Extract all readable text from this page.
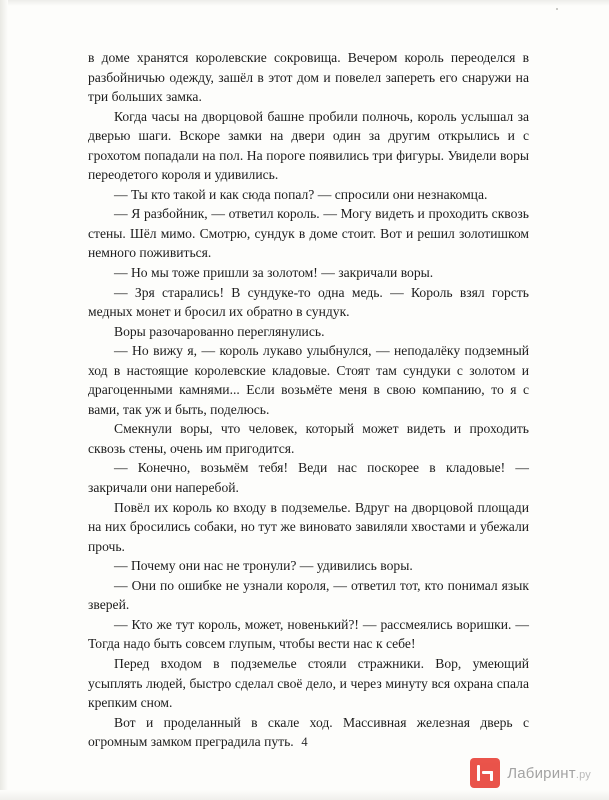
в доме хранятся королевские сокровища. Вечером король переоделся в разбойничью одежду, зашёл в этот дом и повелел запереть его снаружи на три больших замка.

Когда часы на дворцовой башне пробили полночь, король услышал за дверью шаги. Вскоре замки на двери один за другим открылись и с грохотом попадали на пол. На пороге появились три фигуры. Увидели воры переодетого короля и удивились.

— Ты кто такой и как сюда попал? — спросили они незнакомца.

— Я разбойник, — ответил король. — Могу видеть и проходить сквозь стены. Шёл мимо. Смотрю, сундук в доме стоит. Вот и решил золотишком немного поживиться.

— Но мы тоже пришли за золотом! — закричали воры.

— Зря старались! В сундуке-то одна медь. — Король взял горсть медных монет и бросил их обратно в сундук.

Воры разочарованно переглянулись.

— Но вижу я, — король лукаво улыбнулся, — неподалёку подземный ход в настоящие королевские кладовые. Стоят там сундуки с золотом и драгоценными камнями... Если возьмёте меня в свою компанию, то я с вами, так уж и быть, поделюсь.

Смекнули воры, что человек, который может видеть и проходить сквозь стены, очень им пригодится.

— Конечно, возьмём тебя! Веди нас поскорее в кладовые! — закричали они наперебой.

Повёл их король ко входу в подземелье. Вдруг на дворцовой площади на них бросились собаки, но тут же виновато завиляли хвостами и убежали прочь.

— Почему они нас не тронули? — удивились воры.

— Они по ошибке не узнали короля, — ответил тот, кто понимал язык зверей.

— Кто же тут король, может, новенький?! — рассмеялись воришки. — Тогда надо быть совсем глупым, чтобы вести нас к себе!

Перед входом в подземелье стояли стражники. Вор, умеющий усыплять людей, быстро сделал своё дело, и через минуту вся охрана спала крепким сном.

Вот и проделанный в скале ход. Массивная железная дверь с огромным замком преградила путь. 4
Лабиринт.ру
